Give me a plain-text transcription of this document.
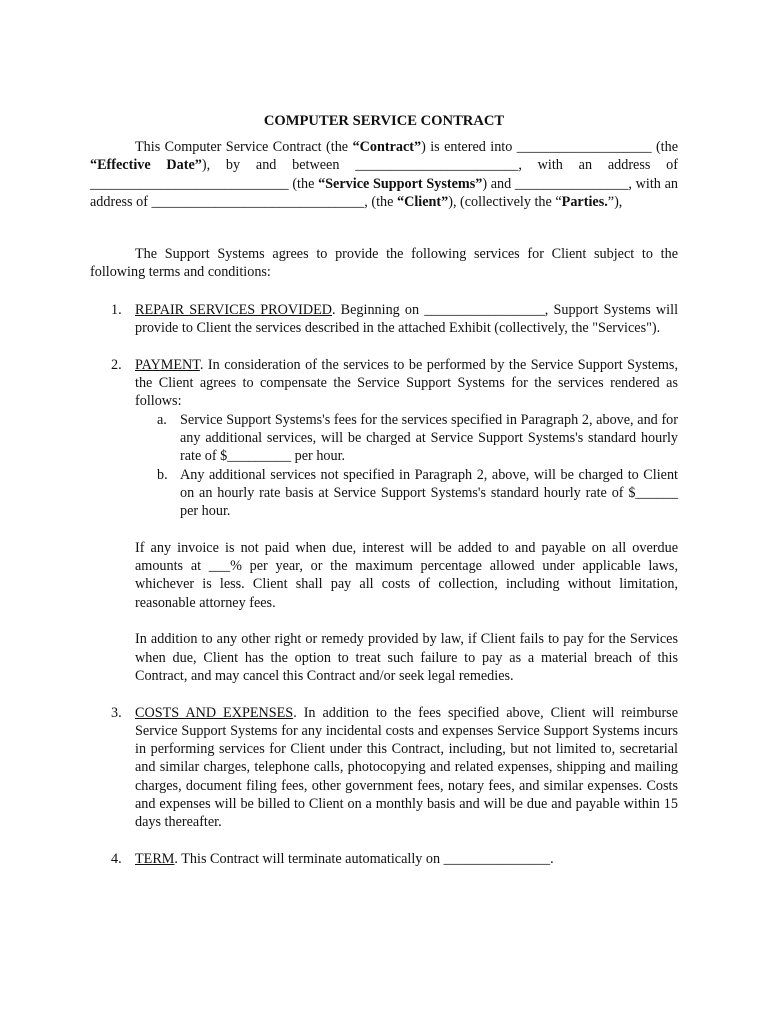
COMPUTER SERVICE CONTRACT

This Computer Service Contract (the “Contract”) is entered into ___________________ (the “Effective Date”), by and between _______________________, with an address of ____________________________ (the “Service Support Systems”) and ________________, with an address of ______________________________, (the “Client”), (collectively the “Parties.”),

The Support Systems agrees to provide the following services for Client subject to the following terms and conditions:

1. REPAIR SERVICES PROVIDED. Beginning on _________________, Support Systems will provide to Client the services described in the attached Exhibit (collectively, the "Services").

2. PAYMENT. In consideration of the services to be performed by the Service Support Systems, the Client agrees to compensate the Service Support Systems for the services rendered as follows:

a. Service Support Systems's fees for the services specified in Paragraph 2, above, and for any additional services, will be charged at Service Support Systems's standard hourly rate of $_________ per hour.
b. Any additional services not specified in Paragraph 2, above, will be charged to Client on an hourly rate basis at Service Support Systems's standard hourly rate of $______ per hour.

If any invoice is not paid when due, interest will be added to and payable on all overdue amounts at ___% per year, or the maximum percentage allowed under applicable laws, whichever is less. Client shall pay all costs of collection, including without limitation, reasonable attorney fees.

In addition to any other right or remedy provided by law, if Client fails to pay for the Services when due, Client has the option to treat such failure to pay as a material breach of this Contract, and may cancel this Contract and/or seek legal remedies.

3. COSTS AND EXPENSES. In addition to the fees specified above, Client will reimburse Service Support Systems for any incidental costs and expenses Service Support Systems incurs in performing services for Client under this Contract, including, but not limited to, secretarial and similar charges, telephone calls, photocopying and related expenses, shipping and mailing charges, document filing fees, other government fees, notary fees, and similar expenses. Costs and expenses will be billed to Client on a monthly basis and will be due and payable within 15 days thereafter.

4. TERM. This Contract will terminate automatically on _______________.
